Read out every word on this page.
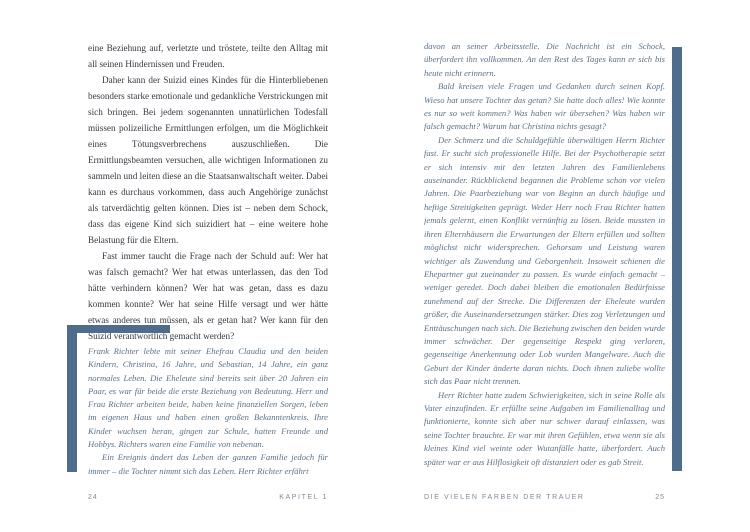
eine Beziehung auf, verletzte und tröstete, teilte den Alltag mit all seinen Hindernissen und Freuden.

Daher kann der Suizid eines Kindes für die Hinterbliebenen besonders starke emotionale und gedankliche Verstrickungen mit sich bringen. Bei jedem sogenannten unnatürlichen Todesfall müssen polizeiliche Ermittlungen erfolgen, um die Möglichkeit eines Tötungsverbrechens auszuschließen. Die Ermittlungsbeamten versuchen, alle wichtigen Informationen zu sammeln und leiten diese an die Staatsanwaltschaft weiter. Dabei kann es durchaus vorkommen, dass auch Angehörige zunächst als tatverdächtig gelten können. Dies ist – neben dem Schock, dass das eigene Kind sich suizidiert hat – eine weitere hohe Belastung für die Eltern.

Fast immer taucht die Frage nach der Schuld auf: Wer hat was falsch gemacht? Wer hat etwas unterlassen, das den Tod hätte verhindern können? Wer hat was getan, dass es dazu kommen konnte? Wer hat seine Hilfe versagt und wer hätte etwas anderes tun müssen, als er getan hat? Wer kann für den Suizid verantwortlich gemacht werden?

Frank Richter lebte mit seiner Ehefrau Claudia und den beiden Kindern, Christina, 16 Jahre, und Sebastian, 14 Jahre, ein ganz normales Leben. Die Eheleute sind bereits seit über 20 Jahren ein Paar, es war für beide die erste Beziehung von Bedeutung. Herr und Frau Richter arbeiten beide, haben keine finanziellen Sorgen, leben im eigenen Haus und haben einen großen Bekanntenkreis. Ihre Kinder wuchsen heran, gingen zur Schule, hatten Freunde und Hobbys. Richters waren eine Familie von nebenan.

Ein Ereignis ändert das Leben der ganzen Familie jedoch für immer – die Tochter nimmt sich das Leben. Herr Richter erfährt

24	KAPITEL 1

davon an seiner Arbeitsstelle. Die Nachricht ist ein Schock, überfordert ihn vollkommen. An den Rest des Tages kann er sich bis heute nicht erinnern.

Bald kreisen viele Fragen und Gedanken durch seinen Kopf. Wieso hat unsere Tochter das getan? Sie hatte doch alles! Wie konnte es nur so weit kommen? Was haben wir übersehen? Was haben wir falsch gemacht? Warum hat Christina nichts gesagt?

Der Schmerz und die Schuldgefühle überwältigen Herrn Richter fast. Er sucht sich professionelle Hilfe. Bei der Psychotherapie setzt er sich intensiv mit den letzten Jahren des Familienlebens auseinander. Rückblickend begannen die Probleme schon vor vielen Jahren. Die Paarbeziehung war von Beginn an durch häufige und heftige Streitigkeiten geprägt. Weder Herr noch Frau Richter hatten jemals gelernt, einen Konflikt vernünftig zu lösen. Beide mussten in ihren Elternhäusern die Erwartungen der Eltern erfüllen und sollten möglichst nicht widersprechen. Gehorsam und Leistung waren wichtiger als Zuwendung und Geborgenheit. Insoweit schienen die Ehepartner gut zueinander zu passen. Es wurde einfach gemacht – weniger geredet. Doch dabei bleiben die emotionalen Bedürfnisse zunehmend auf der Strecke. Die Differenzen der Eheleute wurden größer, die Auseinandersetzungen stärker. Dies zog Verletzungen und Enttäuschungen nach sich. Die Beziehung zwischen den beiden wurde immer schwächer. Der gegenseitige Respekt ging verloren, gegenseitige Anerkennung oder Lob wurden Mangelware. Auch die Geburt der Kinder änderte daran nichts. Doch ihnen zuliebe wollte sich das Paar nicht trennen.

Herr Richter hatte zudem Schwierigkeiten, sich in seine Rolle als Vater einzufinden. Er erfüllte seine Aufgaben im Familienalltag und funktionierte, konnte sich aber nur schwer darauf einlassen, was seine Tochter brauchte. Er war mit ihren Gefühlen, etwa wenn sie als kleines Kind viel weinte oder Wutanfälle hatte, überfordert. Auch später war er aus Hilflosigkeit oft distanziert oder es gab Streit.

DIE VIELEN FARBEN DER TRAUER	25
